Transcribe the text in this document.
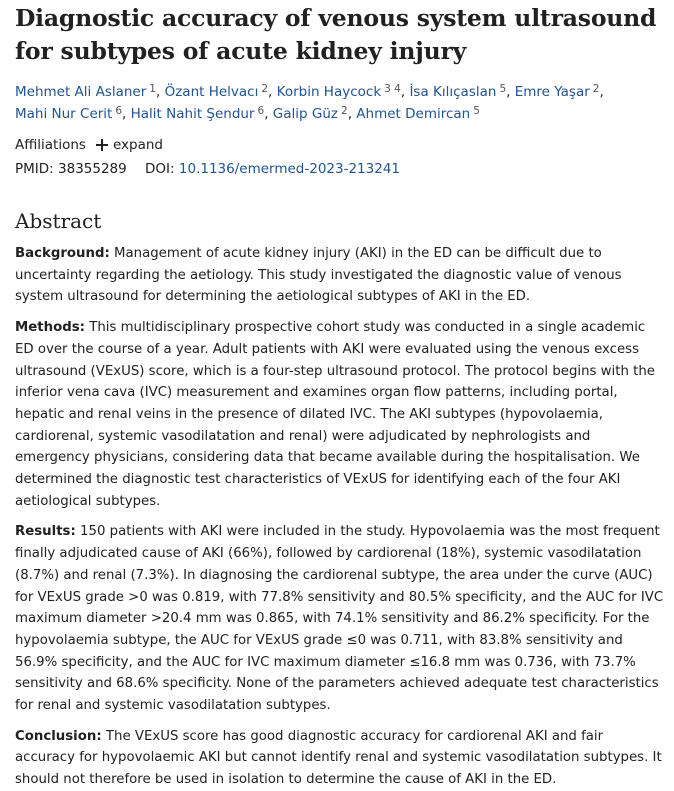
Diagnostic accuracy of venous system ultrasound for subtypes of acute kidney injury
Mehmet Ali Aslaner $^1$, Özant Helvacı $^2$, Korbin Haycock $^{3 4}$, İsa Kılıçaslan $^5$, Emre Yaşar $^2$, Mahi Nur Cerit $^6$, Halit Nahit Şendur $^6$, Galip Güz $^2$, Ahmet Demircan $^5$
Affiliations expand
PMID: 38355289 DOI: 10.1136/emermed-2023-213241
Abstract

Background: Management of acute kidney injury (AKI) in the ED can be difficult due to uncertainty regarding the aetiology. This study investigated the diagnostic value of venous system ultrasound for determining the aetiological subtypes of AKI in the ED.

Methods: This multidisciplinary prospective cohort study was conducted in a single academic ED over the course of a year. Adult patients with AKI were evaluated using the venous excess ultrasound (VExUS) score, which is a four-step ultrasound protocol. The protocol begins with the inferior vena cava (IVC) measurement and examines organ flow patterns, including portal, hepatic and renal veins in the presence of dilated IVC. The AKI subtypes (hypovolaemia, cardiorenal, systemic vasodilatation and renal) were adjudicated by nephrologists and emergency physicians, considering data that became available during the hospitalisation. We determined the diagnostic test characteristics of VExUS for identifying each of the four AKI aetiological subtypes.

Results: 150 patients with AKI were included in the study. Hypovolaemia was the most frequent finally adjudicated cause of AKI (66%), followed by cardiorenal (18%), systemic vasodilatation (8.7%) and renal (7.3%). In diagnosing the cardiorenal subtype, the area under the curve (AUC) for VExUS grade >0 was 0.819, with 77.8% sensitivity and 80.5% specificity, and the AUC for IVC maximum diameter >20.4 mm was 0.865, with 74.1% sensitivity and 86.2% specificity. For the hypovolaemia subtype, the AUC for VExUS grade ≤0 was 0.711, with 83.8% sensitivity and 56.9% specificity, and the AUC for IVC maximum diameter ≤16.8 mm was 0.736, with 73.7% sensitivity and 68.6% specificity. None of the parameters achieved adequate test characteristics for renal and systemic vasodilatation subtypes.

Conclusion: The VExUS score has good diagnostic accuracy for cardiorenal AKI and fair accuracy for hypovolaemic AKI but cannot identify renal and systemic vasodilatation subtypes. It should not therefore be used in isolation to determine the cause of AKI in the ED.
